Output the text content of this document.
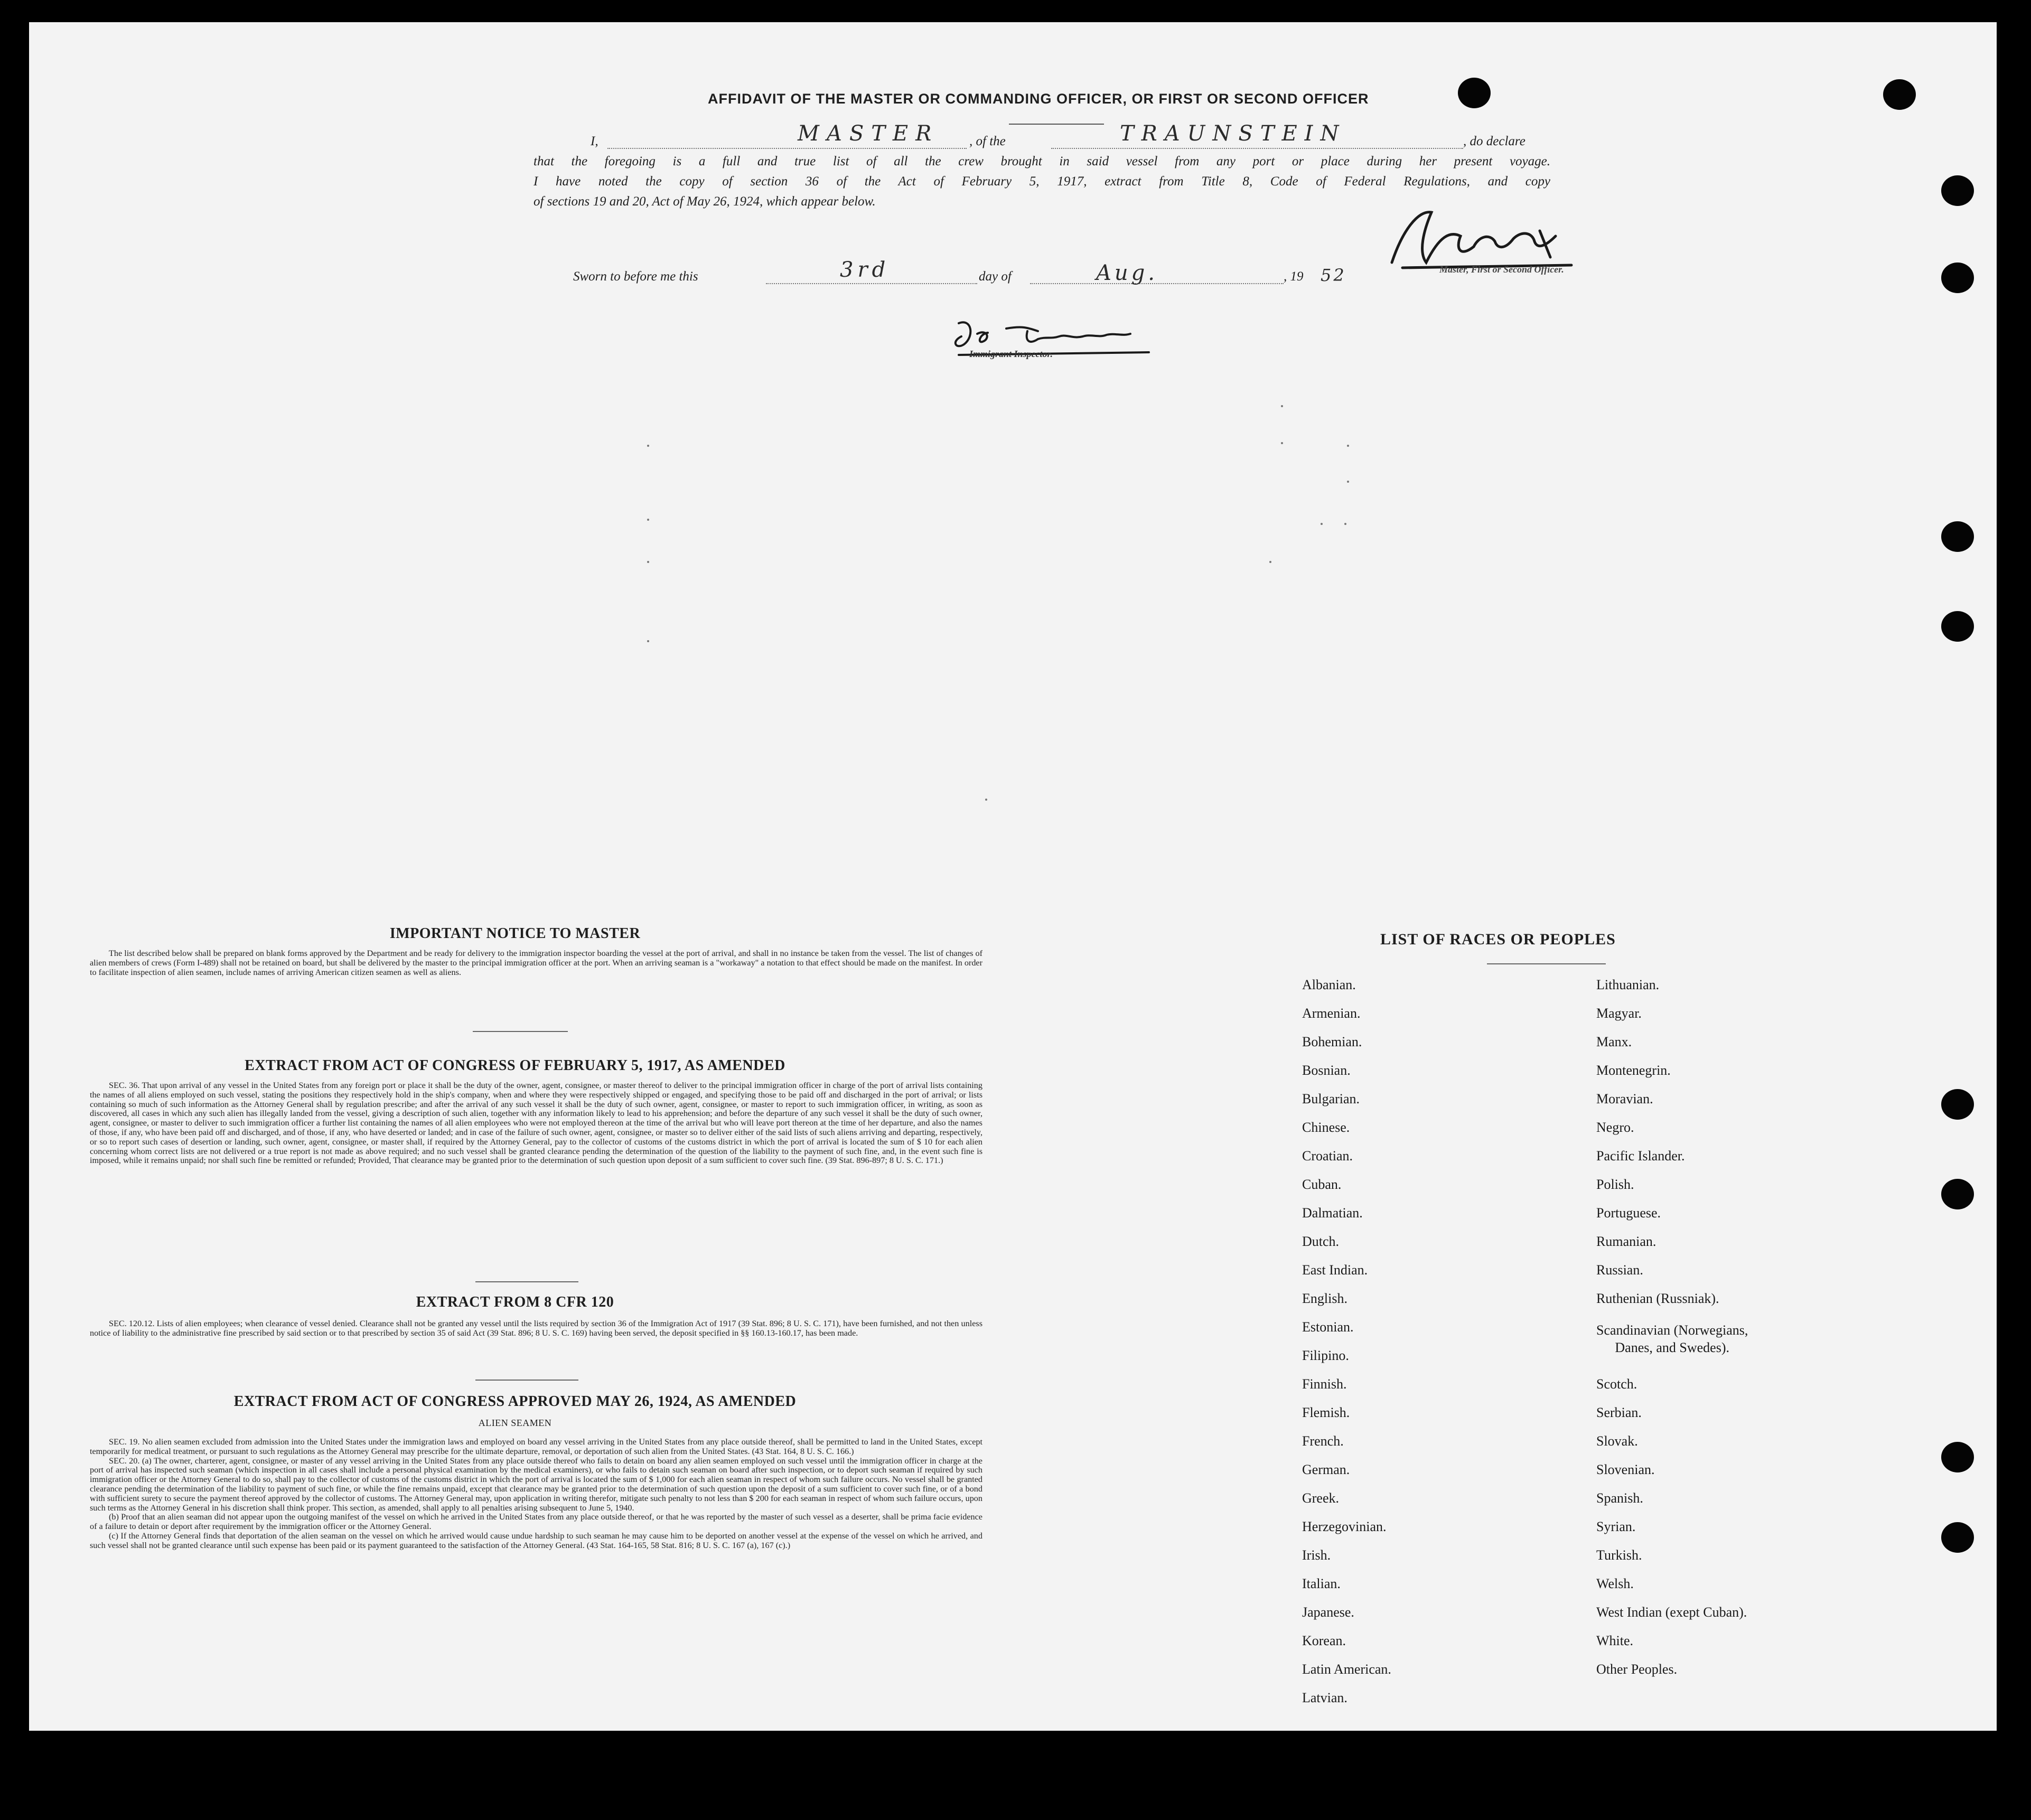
AFFIDAVIT OF THE MASTER OR COMMANDING OFFICER, OR FIRST OR SECOND OFFICER
I,	MASTER , of the	TRAUNSTEIN	, do declare
that the foregoing is a full and true list of all the crew brought in said vessel from any port or place during her present voyage.
I have noted the copy of section 36 of the Act of February 5, 1917, extract from Title 8, Code of Federal Regulations, and copy
of sections 19 and 20, Act of May 26, 1924, which appear below.
Master, First or Second Officer.
Sworn to before me this	3rd	day of	Aug.	, 19 52
Immigrant Inspector.
IMPORTANT NOTICE TO MASTER

The list described below shall be prepared on blank forms approved by the Department and be ready for delivery to the immigration inspector boarding the vessel at the port of arrival, and shall in no instance be taken from the vessel. The list of changes of alien members of crews (Form I-489) shall not be retained on board, but shall be delivered by the master to the principal immigration officer at the port. When an arriving seaman is a "workaway" a notation to that effect should be made on the manifest. In order to facilitate inspection of alien seamen, include names of arriving American citizen seamen as well as aliens.

EXTRACT FROM ACT OF CONGRESS OF FEBRUARY 5, 1917, AS AMENDED

SEC. 36. That upon arrival of any vessel in the United States from any foreign port or place it shall be the duty of the owner, agent, consignee, or master thereof to deliver to the principal immigration officer in charge of the port of arrival lists containing the names of all aliens employed on such vessel, stating the positions they respectively hold in the ship's company, when and where they were respectively shipped or engaged, and specifying those to be paid off and discharged in the port of arrival; or lists containing so much of such information as the Attorney General shall by regulation prescribe; and after the arrival of any such vessel it shall be the duty of such owner, agent, consignee, or master to report to such immigration officer, in writing, as soon as discovered, all cases in which any such alien has illegally landed from the vessel, giving a description of such alien, together with any information likely to lead to his apprehension; and before the departure of any such vessel it shall be the duty of such owner, agent, consignee, or master to deliver to such immigration officer a further list containing the names of all alien employees who were not employed thereon at the time of the arrival but who will leave port thereon at the time of her departure, and also the names of those, if any, who have been paid off and discharged, and of those, if any, who have deserted or landed; and in case of the failure of such owner, agent, consignee, or master so to deliver either of the said lists of such aliens arriving and departing, respectively, or so to report such cases of desertion or landing, such owner, agent, consignee, or master shall, if required by the Attorney General, pay to the collector of customs of the customs district in which the port of arrival is located the sum of $ 10 for each alien concerning whom correct lists are not delivered or a true report is not made as above required; and no such vessel shall be granted clearance pending the determination of the question of the liability to the payment of such fine, and, in the event such fine is imposed, while it remains unpaid; nor shall such fine be remitted or refunded; Provided, That clearance may be granted prior to the determination of such question upon deposit of a sum sufficient to cover such fine. (39 Stat. 896-897; 8 U. S. C. 171.)

EXTRACT FROM 8 CFR 120

SEC. 120.12. Lists of alien employees; when clearance of vessel denied. Clearance shall not be granted any vessel until the lists required by section 36 of the Immigration Act of 1917 (39 Stat. 896; 8 U. S. C. 171), have been furnished, and not then unless notice of liability to the administrative fine prescribed by said section or to that prescribed by section 35 of said Act (39 Stat. 896; 8 U. S. C. 169) having been served, the deposit specified in §§ 160.13-160.17, has been made.

EXTRACT FROM ACT OF CONGRESS APPROVED MAY 26, 1924, AS AMENDED
ALIEN SEAMEN

SEC. 19. No alien seamen excluded from admission into the United States under the immigration laws and employed on board any vessel arriving in the United States from any place outside thereof, shall be permitted to land in the United States, except temporarily for medical treatment, or pursuant to such regulations as the Attorney General may prescribe for the ultimate departure, removal, or deportation of such alien from the United States. (43 Stat. 164, 8 U. S. C. 166.)

SEC. 20. (a) The owner, charterer, agent, consignee, or master of any vessel arriving in the United States from any place outside thereof who fails to detain on board any alien seamen employed on such vessel until the immigration officer in charge at the port of arrival has inspected such seaman (which inspection in all cases shall include a personal physical examination by the medical examiners), or who fails to detain such seaman on board after such inspection, or to deport such seaman if required by such immigration officer or the Attorney General to do so, shall pay to the collector of customs of the customs district in which the port of arrival is located the sum of $ 1,000 for each alien seaman in respect of whom such failure occurs. No vessel shall be granted clearance pending the determination of the liability to payment of such fine, or while the fine remains unpaid, except that clearance may be granted prior to the determination of such question upon the deposit of a sum sufficient to cover such fine, or of a bond with sufficient surety to secure the payment thereof approved by the collector of customs. The Attorney General may, upon application in writing therefor, mitigate such penalty to not less than $ 200 for each seaman in respect of whom such failure occurs, upon such terms as the Attorney General in his discretion shall think proper. This section, as amended, shall apply to all penalties arising subsequent to June 5, 1940.

(b) Proof that an alien seaman did not appear upon the outgoing manifest of the vessel on which he arrived in the United States from any place outside thereof, or that he was reported by the master of such vessel as a deserter, shall be prima facie evidence of a failure to detain or deport after requirement by the immigration officer or the Attorney General.

(c) If the Attorney General finds that deportation of the alien seaman on the vessel on which he arrived would cause undue hardship to such seaman he may cause him to be deported on another vessel at the expense of the vessel on which he arrived, and such vessel shall not be granted clearance until such expense has been paid or its payment guaranteed to the satisfaction of the Attorney General. (43 Stat. 164-165, 58 Stat. 816; 8 U. S. C. 167 (a), 167 (c).)

LIST OF RACES OR PEOPLES
Albanian.
Armenian.
Bohemian.
Bosnian.
Bulgarian.
Chinese.
Croatian.
Cuban.
Dalmatian.
Dutch.
East Indian.
English.
Estonian.
Filipino.
Finnish.
Flemish.
French.
German.
Greek.
Herzegovinian.
Irish.
Italian.
Japanese.
Korean.
Latin American.
Latvian.
Lithuanian.
Magyar.
Manx.
Montenegrin.
Moravian.
Negro.
Pacific Islander.
Polish.
Portuguese.
Rumanian.
Russian.
Ruthenian (Russniak).
Scandinavian (Norwegians,
Danes, and Swedes).
Scotch.
Serbian.
Slovak.
Slovenian.
Spanish.
Syrian.
Turkish.
Welsh.
West Indian (exept Cuban).
White.
Other Peoples.
